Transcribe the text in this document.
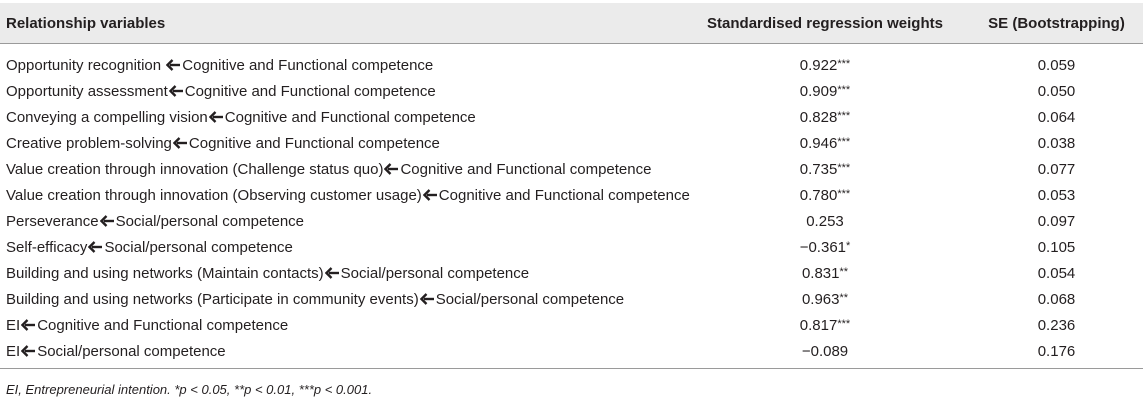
Relationship variables	Standardised regression weights	SE (Bootstrapping)
Opportunity recognition Cognitive and Functional competence	0.922***	0.059
Opportunity assessment Cognitive and Functional competence	0.909***	0.050
Conveying a compelling vision Cognitive and Functional competence	0.828***	0.064
Creative problem-solving Cognitive and Functional competence	0.946***	0.038
Value creation through innovation (Challenge status quo) Cognitive and Functional competence	0.735***	0.077
Value creation through innovation (Observing customer usage) Cognitive and Functional competence	0.780***	0.053
Perseverance Social/personal competence	0.253	0.097
Self-efficacy Social/personal competence	−0.361*	0.105
Building and using networks (Maintain contacts) Social/personal competence	0.831**	0.054
Building and using networks (Participate in community events) Social/personal competence	0.963**	0.068
EI Cognitive and Functional competence	0.817***	0.236
EI Social/personal competence	−0.089	0.176
EI, Entrepreneurial intention. *p < 0.05, **p < 0.01, ***p < 0.001.
